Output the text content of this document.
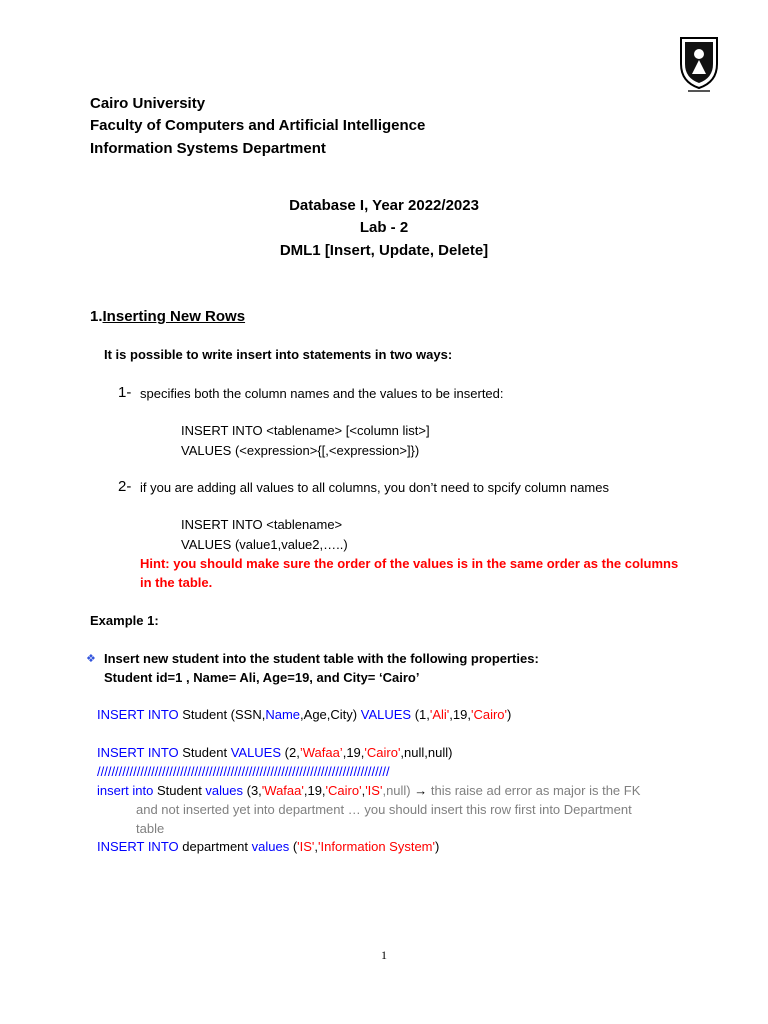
Cairo University
Faculty of Computers and Artificial Intelligence
Information Systems Department
Database I, Year 2022/2023
Lab - 2
DML1 [Insert, Update, Delete]
1.Inserting New Rows
It is possible to write insert into statements in two ways:
1- specifies both the column names and the values to be inserted:
INSERT INTO <tablename> [<column list>]
VALUES (<expression>{[,<expression>]})
2- if you are adding all values to all columns, you don’t need to spcify column names
INSERT INTO <tablename>
VALUES (value1,value2,…..)
Hint: you should make sure the order of the values is in the same order as the columns
in the table.
Example 1:
❖ Insert new student into the student table with the following properties:
Student id=1 , Name= Ali, Age=19, and City= ‘Cairo’
INSERT INTO Student (SSN,Name,Age,City) VALUES (1,'Ali',19,'Cairo')
INSERT INTO Student VALUES (2,’Wafaa’,19,'Cairo',null,null)
/////////////////////////////////////////////////////////////////////////////////
insert into Student values (3,'Wafaa',19,'Cairo','IS',null) → this raise ad error as major is the FK
and not inserted yet into department … you should insert this row first into Department
table
INSERT INTO department values ('IS','Information System')
1
